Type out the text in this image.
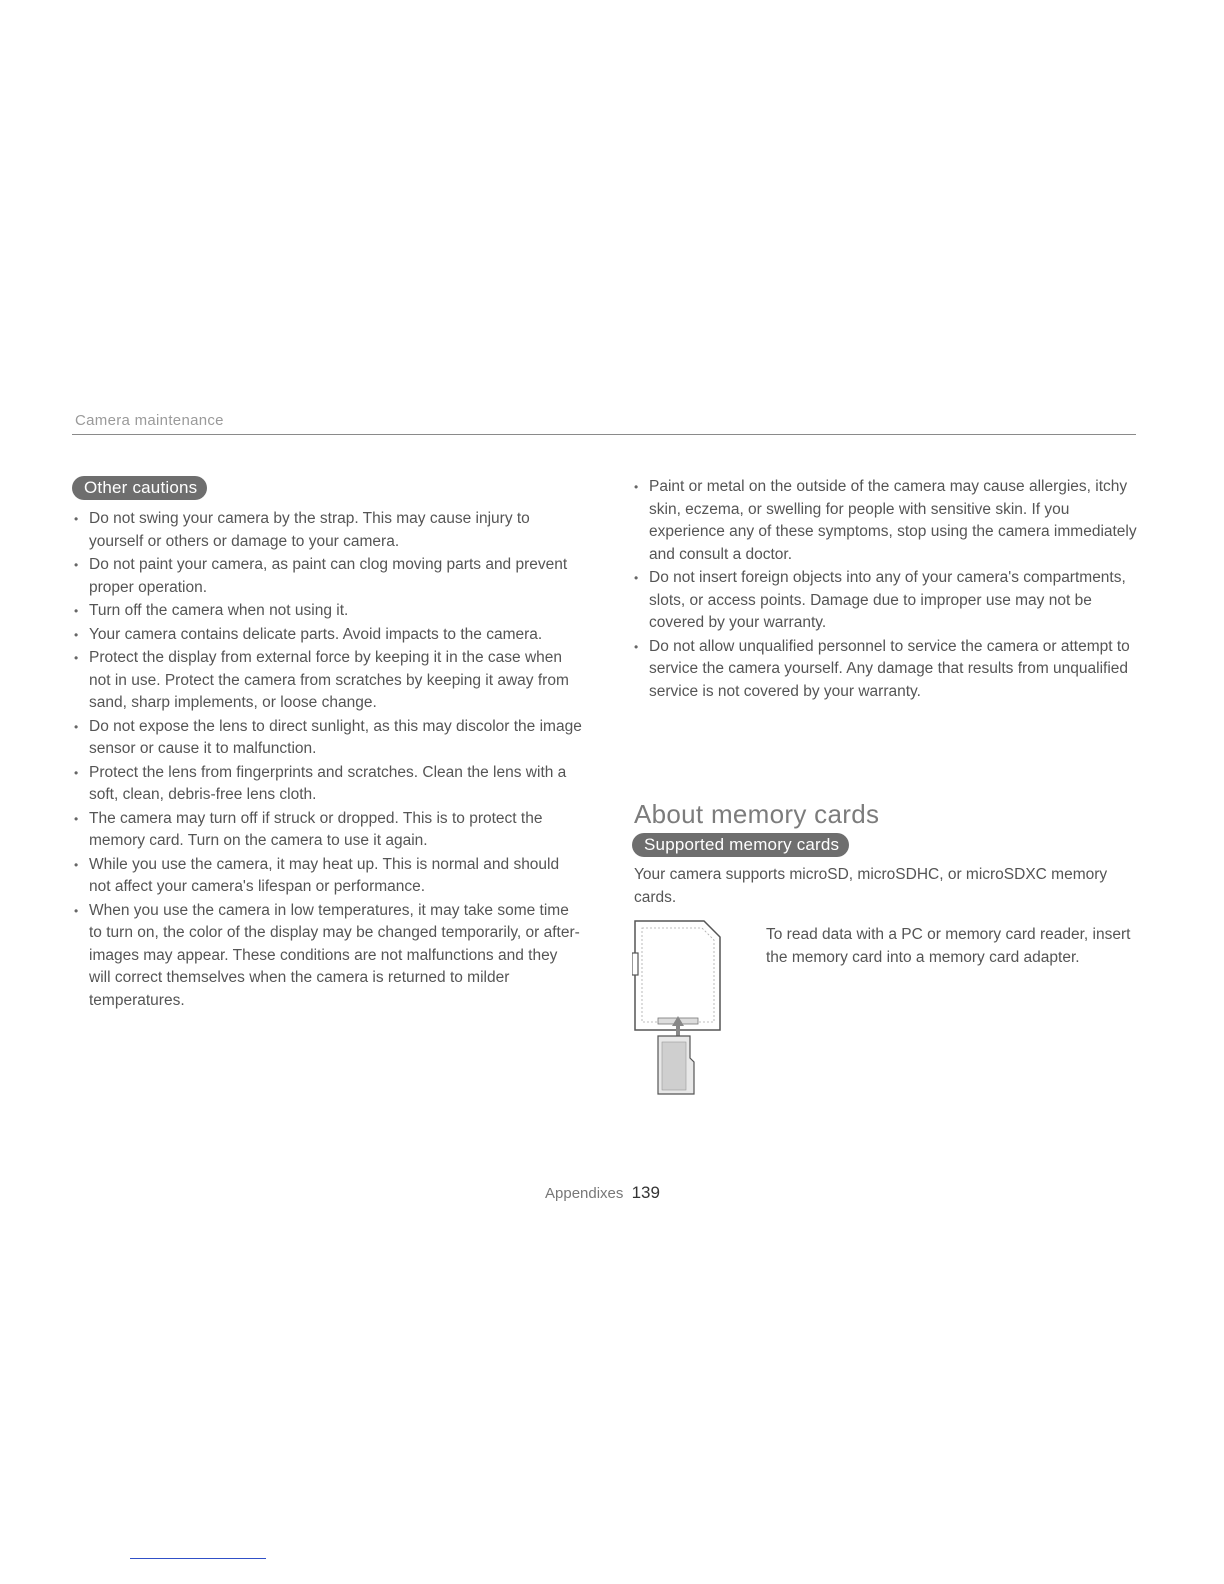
Camera maintenance
Other cautions
• Do not swing your camera by the strap. This may cause injury to yourself or others or damage to your camera.
• Do not paint your camera, as paint can clog moving parts and prevent proper operation.
• Turn off the camera when not using it.
• Your camera contains delicate parts. Avoid impacts to the camera.
• Protect the display from external force by keeping it in the case when not in use. Protect the camera from scratches by keeping it away from sand, sharp implements, or loose change.
• Do not expose the lens to direct sunlight, as this may discolor the image sensor or cause it to malfunction.
• Protect the lens from fingerprints and scratches. Clean the lens with a soft, clean, debris-free lens cloth.
• The camera may turn off if struck or dropped. This is to protect the memory card. Turn on the camera to use it again.
• While you use the camera, it may heat up. This is normal and should not affect your camera's lifespan or performance.
• When you use the camera in low temperatures, it may take some time to turn on, the color of the display may be changed temporarily, or after-images may appear. These conditions are not malfunctions and they will correct themselves when the camera is returned to milder temperatures.
• Paint or metal on the outside of the camera may cause allergies, itchy skin, eczema, or swelling for people with sensitive skin. If you experience any of these symptoms, stop using the camera immediately and consult a doctor.
• Do not insert foreign objects into any of your camera's compartments, slots, or access points. Damage due to improper use may not be covered by your warranty.
• Do not allow unqualified personnel to service the camera or attempt to service the camera yourself. Any damage that results from unqualified service is not covered by your warranty.
About memory cards
Supported memory cards
Your camera supports microSD, microSDHC, or microSDXC memory cards.
To read data with a PC or memory card reader, insert the memory card into a memory card adapter.
Appendixes 139
